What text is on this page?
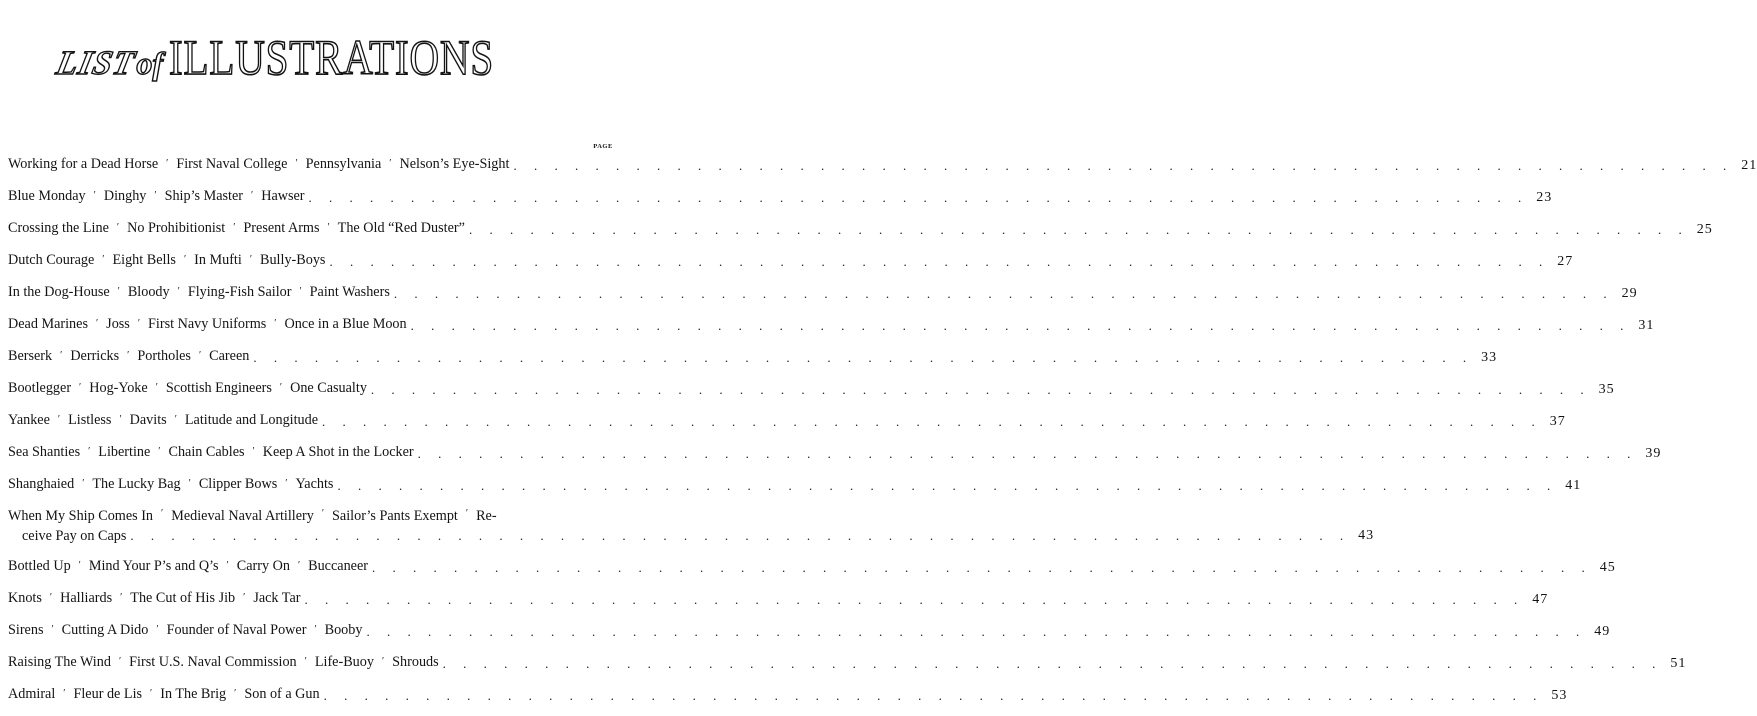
LISTof ILLUSTRATIONS
PAGE
Working for a Dead Horse ′ First Naval College ′ Pennsylvania ′ Nelson’s Eye-Sight . . . . . . . . . . . . . . . . . . . . . . . . . . . . . . . . . . . . . . . . . . . . . . . . . . . . . . . . . . . . 21
Blue Monday ′ Dinghy ′ Ship’s Master ′ Hawser . . . . . . . . . . . . . . . . . . . . . . . . . . . . . . . . . . . . . . . . . . . . . . . . . . . . . . . . . . . . 23
Crossing the Line ′ No Prohibitionist ′ Present Arms ′ The Old “Red Duster” . . . . . . . . . . . . . . . . . . . . . . . . . . . . . . . . . . . . . . . . . . . . . . . . . . . . . . . . . . . . 25
Dutch Courage ′ Eight Bells ′ In Mufti ′ Bully-Boys . . . . . . . . . . . . . . . . . . . . . . . . . . . . . . . . . . . . . . . . . . . . . . . . . . . . . . . . . . . . 27
In the Dog-House ′ Bloody ′ Flying-Fish Sailor ′ Paint Washers . . . . . . . . . . . . . . . . . . . . . . . . . . . . . . . . . . . . . . . . . . . . . . . . . . . . . . . . . . . . 29
Dead Marines ′ Joss ′ First Navy Uniforms ′ Once in a Blue Moon . . . . . . . . . . . . . . . . . . . . . . . . . . . . . . . . . . . . . . . . . . . . . . . . . . . . . . . . . . . . 31
Berserk ′ Derricks ′ Portholes ′ Careen . . . . . . . . . . . . . . . . . . . . . . . . . . . . . . . . . . . . . . . . . . . . . . . . . . . . . . . . . . . . 33
Bootlegger ′ Hog-Yoke ′ Scottish Engineers ′ One Casualty . . . . . . . . . . . . . . . . . . . . . . . . . . . . . . . . . . . . . . . . . . . . . . . . . . . . . . . . . . . . 35
Yankee ′ Listless ′ Davits ′ Latitude and Longitude . . . . . . . . . . . . . . . . . . . . . . . . . . . . . . . . . . . . . . . . . . . . . . . . . . . . . . . . . . . . 37
Sea Shanties ′ Libertine ′ Chain Cables ′ Keep A Shot in the Locker . . . . . . . . . . . . . . . . . . . . . . . . . . . . . . . . . . . . . . . . . . . . . . . . . . . . . . . . . . . . 39
Shanghaied ′ The Lucky Bag ′ Clipper Bows ′ Yachts . . . . . . . . . . . . . . . . . . . . . . . . . . . . . . . . . . . . . . . . . . . . . . . . . . . . . . . . . . . . 41
When My Ship Comes In ′ Medieval Naval Artillery ′ Sailor’s Pants Exempt ′ Re-
ceive Pay on Caps . . . . . . . . . . . . . . . . . . . . . . . . . . . . . . . . . . . . . . . . . . . . . . . . . . . . . . . . . . . . 43
Bottled Up ′ Mind Your P’s and Q’s ′ Carry On ′ Buccaneer . . . . . . . . . . . . . . . . . . . . . . . . . . . . . . . . . . . . . . . . . . . . . . . . . . . . . . . . . . . . 45
Knots ′ Halliards ′ The Cut of His Jib ′ Jack Tar . . . . . . . . . . . . . . . . . . . . . . . . . . . . . . . . . . . . . . . . . . . . . . . . . . . . . . . . . . . . 47
Sirens ′ Cutting A Dido ′ Founder of Naval Power ′ Booby . . . . . . . . . . . . . . . . . . . . . . . . . . . . . . . . . . . . . . . . . . . . . . . . . . . . . . . . . . . . 49
Raising The Wind ′ First U.S. Naval Commission ′ Life-Buoy ′ Shrouds . . . . . . . . . . . . . . . . . . . . . . . . . . . . . . . . . . . . . . . . . . . . . . . . . . . . . . . . . . . . 51
Admiral ′ Fleur de Lis ′ In The Brig ′ Son of a Gun . . . . . . . . . . . . . . . . . . . . . . . . . . . . . . . . . . . . . . . . . . . . . . . . . . . . . . . . . . . . 53
